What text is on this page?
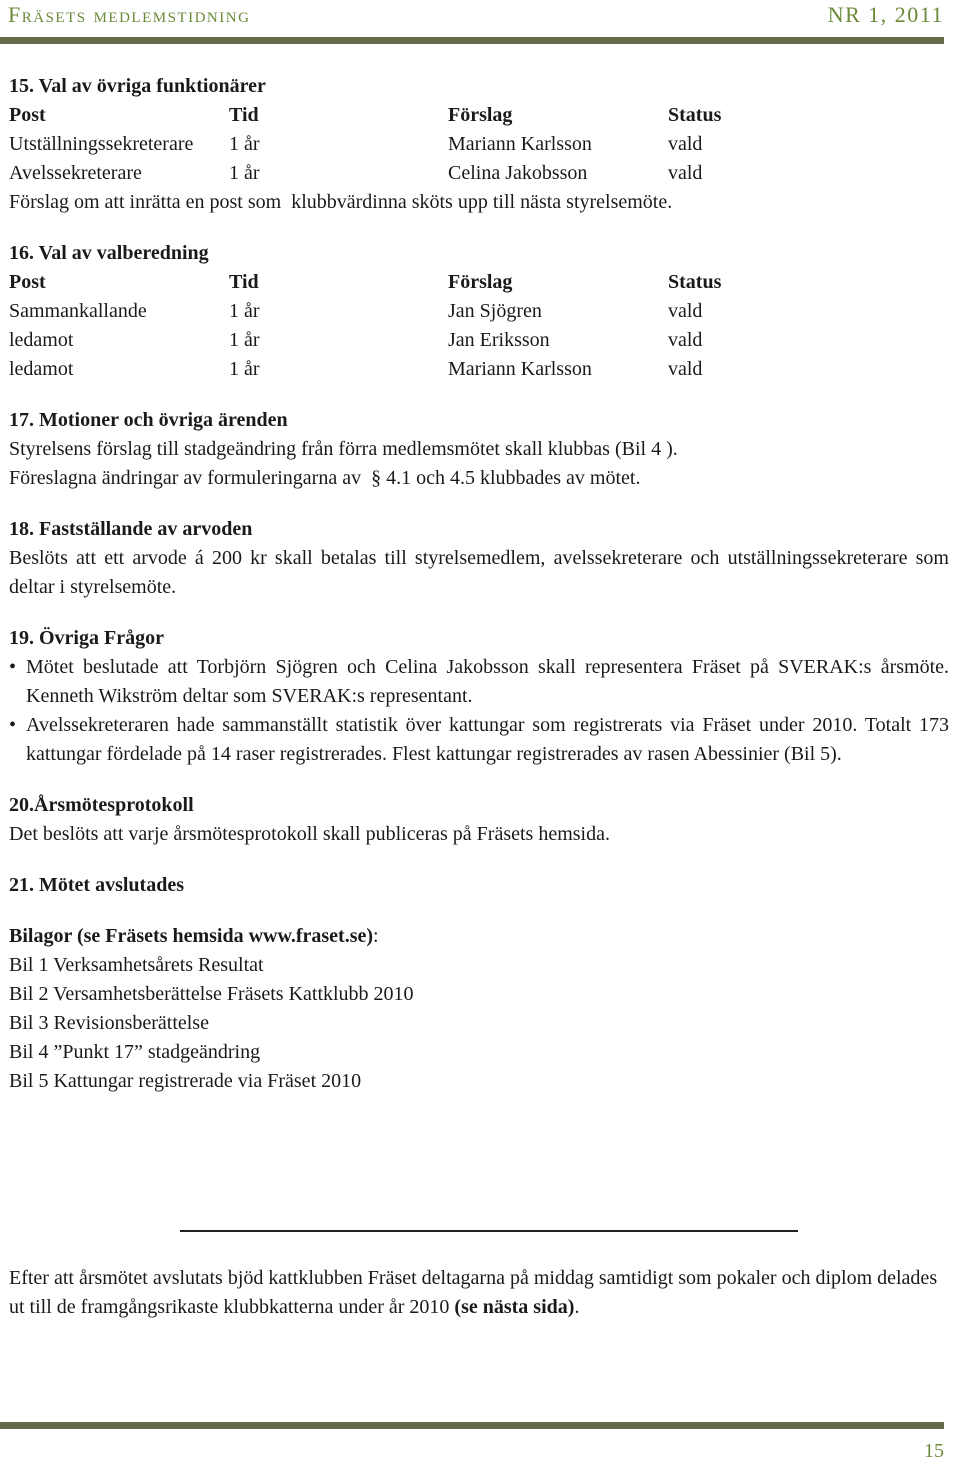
Fräsets medlemstidning	NR 1, 2011
15. Val av övriga funktionärer
Post	Tid	Förslag	Status
Utställningssekreterare	1 år	Mariann Karlsson	vald
Avelssekreterare	1 år	Celina Jakobsson	vald
Förslag om att inrätta en post som  klubbvärdinna sköts upp till nästa styrelsemöte.
16. Val av valberedning
Post	Tid	Förslag	Status
Sammankallande	1 år	Jan Sjögren	vald
ledamot	1 år	Jan Eriksson	vald
ledamot	1 år	Mariann Karlsson	vald
17. Motioner och övriga ärenden
Styrelsens förslag till stadgeändring från förra medlemsmötet skall klubbas (Bil 4 ).
Föreslagna ändringar av formuleringarna av  § 4.1 och 4.5 klubbades av mötet.
18. Fastställande av arvoden
Beslöts att ett arvode á 200 kr skall betalas till styrelsemedlem, avelssekreterare och utställningssekreterare som deltar i styrelsemöte.
19. Övriga Frågor
• Mötet beslutade att Torbjörn Sjögren och Celina Jakobsson skall representera Fräset på SVERAK:s årsmöte. Kenneth Wikström deltar som SVERAK:s representant.
• Avelssekreteraren hade sammanställt statistik över kattungar som registrerats via Fräset under 2010. Totalt 173 kattungar fördelade på 14 raser registrerades. Flest kattungar registrerades av rasen Abessinier (Bil 5).
20.Årsmötesprotokoll
Det beslöts att varje årsmötesprotokoll skall publiceras på Fräsets hemsida.
21. Mötet avslutades
Bilagor (se Fräsets hemsida www.fraset.se):
Bil 1 Verksamhetsårets Resultat
Bil 2 Versamhetsberättelse Fräsets Kattklubb 2010
Bil 3 Revisionsberättelse
Bil 4 ”Punkt 17” stadgeändring
Bil 5 Kattungar registrerade via Fräset 2010
Efter att årsmötet avslutats bjöd kattklubben Fräset deltagarna på middag samtidigt som pokaler och diplom delades ut till de framgångsrikaste klubbkatterna under år 2010 (se nästa sida).
15
